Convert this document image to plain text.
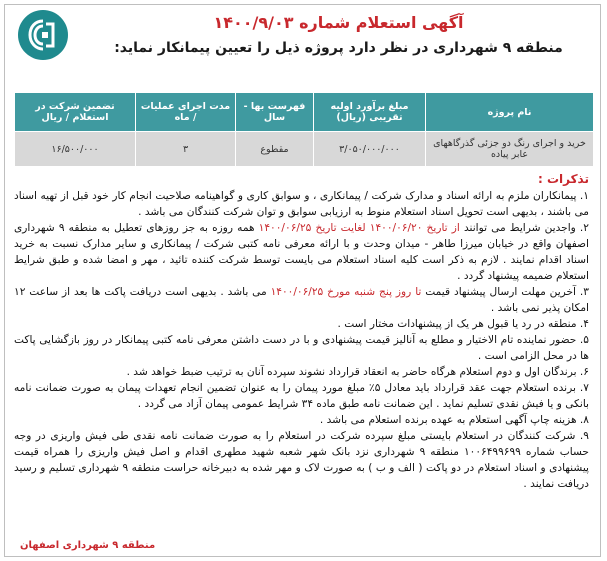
آگهی استعلام شماره ۱۴۰۰/۹/۰۳
منطقه ۹ شهرداری در نظر دارد پروژه ذیل را تعیین پیمانکار نماید:
نام پروژه	مبلغ برآورد اولیه تقریبی (ریال)	فهرست بها - سال	مدت اجرای عملیات / ماه	تضمین شرکت در استعلام / ریال
خرید و اجرای رنگ دو جزئی گذرگاههای عابر پیاده	۳/۰۵۰/۰۰۰/۰۰۰	مقطوع	۳	۱۶/۵۰۰/۰۰۰
تذکرات :
۱. پیمانکاران ملزم به ارائه اسناد و مدارک شرکت / پیمانکاری ، و سوابق کاری و گواهینامه صلاحیت انجام کار خود قبل از تهیه اسناد می باشند ، بدیهی است تحویل اسناد استعلام منوط به ارزیابی سوابق و توان شرکت کنندگان می باشد .
۲. واجدین شرایط می توانند از تاریخ ۱۴۰۰/۰۶/۲۰ لغایت تاریخ ۱۴۰۰/۰۶/۲۵ همه روزه به جز روزهای تعطیل به منطقه ۹ شهرداری اصفهان واقع در خیابان میرزا طاهر - میدان وحدت و با ارائه معرفی نامه کتبی شرکت / پیمانکاری و سایر مدارک نسبت به خرید اسناد اقدام نمایند . لازم به ذکر است کلیه اسناد استعلام می بایست توسط شرکت کننده تائید ، مهر و امضا شده و طبق شرایط استعلام ضمیمه پیشنهاد گردد .
۳. آخرین مهلت ارسال پیشنهاد قیمت تا روز پنج شنبه مورخ ۱۴۰۰/۰۶/۲۵ می باشد . بدیهی است دریافت پاکت ها بعد از ساعت ۱۲ امکان پذیر نمی باشد .
۴. منطقه در رد یا قبول هر یک از پیشنهادات مختار است .
۵. حضور نماینده تام الاختیار و مطلع به آنالیز قیمت پیشنهادی و با در دست داشتن معرفی نامه کتبی پیمانکار در روز بازگشایی پاکت ها در محل الزامی است .
۶. برندگان اول و دوم استعلام هرگاه حاضر به انعقاد قرارداد نشوند سپرده آنان به ترتیب ضبط خواهد شد .
۷. برنده استعلام جهت عقد قرارداد باید معادل ۵٪ مبلغ مورد پیمان را به عنوان تضمین انجام تعهدات پیمان به صورت ضمانت نامه بانکی و یا فیش نقدی تسلیم نماید . این ضمانت نامه طبق ماده ۳۴ شرایط عمومی پیمان آزاد می گردد .
۸. هزینه چاپ آگهی استعلام به عهده برنده استعلام می باشد .
۹. شرکت کنندگان در استعلام بایستی مبلغ سپرده شرکت در استعلام را به صورت ضمانت نامه نقدی طی فیش واریزی در وجه حساب شماره ۱۰۰۶۴۹۹۶۹۹ منطقه ۹ شهرداری نزد بانک شهر شعبه شهید مطهری اقدام و اصل فیش واریزی را همراه قیمت پیشنهادی و اسناد استعلام در دو پاکت ( الف و ب ) به صورت لاک و مهر شده به دبیرخانه حراست منطقه ۹ شهرداری تسلیم و رسید دریافت نمایند .
منطقه ۹ شهرداری اصفهان
